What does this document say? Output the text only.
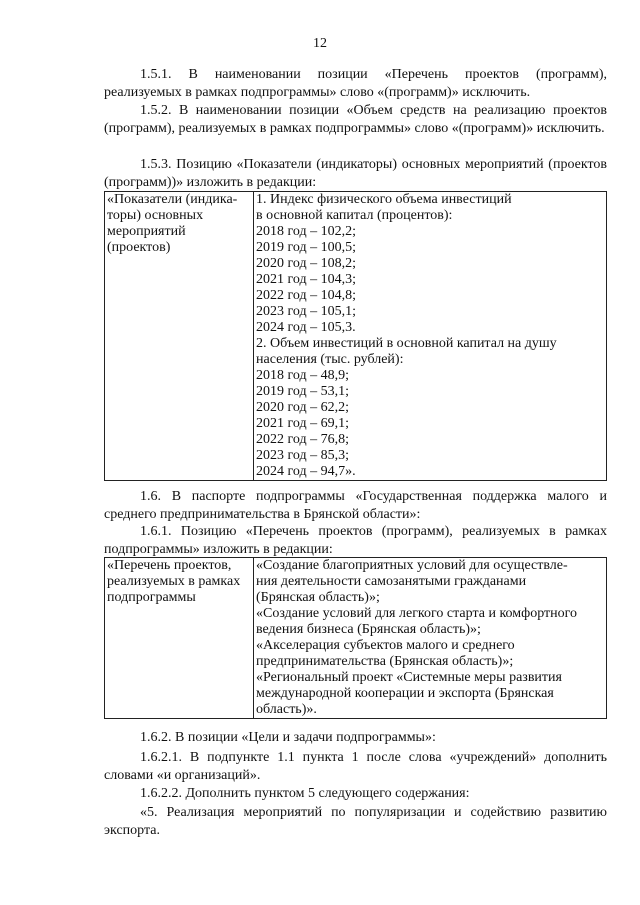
12
1.5.1. В наименовании позиции «Перечень проектов (программ), реализуемых в рамках подпрограммы» слово «(программ)» исключить.
1.5.2. В наименовании позиции «Объем средств на реализацию проектов (программ), реализуемых в рамках подпрограммы» слово «(программ)» исключить.
1.5.3. Позицию «Показатели (индикаторы) основных мероприятий (проектов (программ))» изложить в редакции:
«Показатели (индика-
торы) основных
мероприятий
(проектов)

1. Индекс физического объема инвестиций
в основной капитал (процентов):
2018 год – 102,2;
2019 год – 100,5;
2020 год – 108,2;
2021 год – 104,3;
2022 год – 104,8;
2023 год – 105,1;
2024 год – 105,3.
2. Объем инвестиций в основной капитал на душу
населения (тыс. рублей):
2018 год – 48,9;
2019 год – 53,1;
2020 год – 62,2;
2021 год – 69,1;
2022 год – 76,8;
2023 год – 85,3;
2024 год – 94,7».
1.6. В паспорте подпрограммы «Государственная поддержка малого и среднего предпринимательства в Брянской области»:
1.6.1. Позицию «Перечень проектов (программ), реализуемых в рамках подпрограммы» изложить в редакции:
«Перечень проектов,
реализуемых в рамках
подпрограммы

«Создание благоприятных условий для осуществле-
ния деятельности самозанятыми гражданами
(Брянская область)»;
«Создание условий для легкого старта и комфортного
ведения бизнеса (Брянская область)»;
«Акселерация субъектов малого и среднего
предпринимательства (Брянская область)»;
«Региональный проект «Системные меры развития
международной кооперации и экспорта (Брянская
область)».
1.6.2. В позиции «Цели и задачи подпрограммы»:
1.6.2.1. В подпункте 1.1 пункта 1 после слова «учреждений» дополнить словами «и организаций».
1.6.2.2. Дополнить пунктом 5 следующего содержания:
«5. Реализация мероприятий по популяризации и содействию развитию экспорта.
